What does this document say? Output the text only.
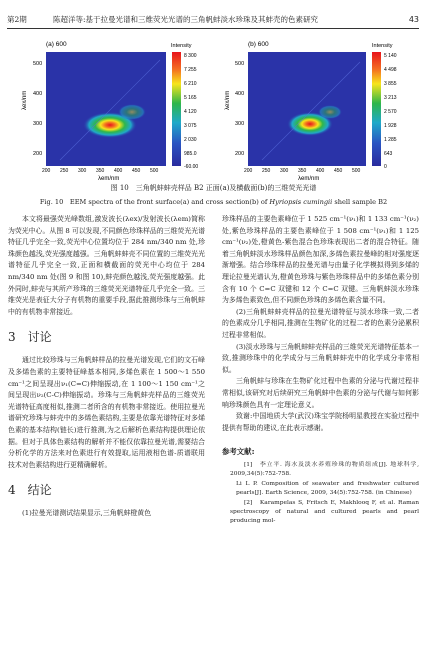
第2期	陈超洋等:基于拉曼光谱和三维荧光光谱的三角帆蚌淡水珍珠及其蚌壳的色素研究	43
(a) 600
λex/nm
500
400
300
200
200 250 300 350 400 450 500
λem/nm
Intensity
8 300
7 255
6 210
5 165
4 120
3 075
2 030
985.0
-60.00
(b) 600
λex/nm
500
400
300
200
200 250 300 350 400 450 500
λem/nm
Intensity
5 140
4 498
3 855
3 213
2 570
1 928
1 285
643
0
图 10　三角帆蚌蚌壳样品 B2 正面(a)及横截面(b)的三维荧光光谱
Fig. 10　EEM spectra of the front surface(a) and cross section(b) of Hyriopsis cumingii shell sample B2

本文将最强荧光峰数组,激发波长(λex)/发射波长(λem)简称为荧光中心。从图 8 可以发现,不同颜色珍珠样品的三维荧光光谱特征几乎完全一致,荧光中心位置均位于 284 nm/340 nm 处,珍珠颜色越浅,荧光强度越强。三角帆蚌蚌壳不同位置的三维荧光光谱特征几乎完全一致,正面和横截面的荧光中心均位于 284 nm/340 nm 处(图 9 和图 10),蚌壳颜色越浅,荧光强度越强。此外同时,蚌壳与其所产珍珠的三维荧光光谱特征几乎完全一致。三维荧光是表征大分子有机物的重要手段,据此推测珍珠与三角帆蚌中的有机物非常接近。

3 讨论

通过比较珍珠与三角帆蚌样品的拉曼光谱发现,它们的文石峰及多烯色素的主要特征峰基本相同,多烯色素在 1 500～1 550 cm⁻¹之间呈现出ν₁(C=C)伸缩振动,在 1 100～1 150 cm⁻¹之间呈现出ν₂(C-C)伸缩振动。珍珠与三角帆蚌壳样品的三维荧光光谱特征高度相似,推测二者所含的有机物非常接近。使用拉曼光谱研究珍珠与蚌壳中的多烯色素结构,主要是依靠光谱特征对多烯色素的基本结构(链长)进行推测,为之后解析色素结构提供理论依据。但对于具体色素结构的解析并不能仅依靠拉曼光谱,需要结合分析化学的方法来对色素进行有效提取,运用液相色谱-质谱联用技术对色素结构进行更精确解析。

4 结论

(1)拉曼光谱测试结果显示,三角帆蚌橙黄色

珍珠样品的主要色素峰位于 1 525 cm⁻¹(ν₁)和 1 133 cm⁻¹(ν₂)处,紫色珍珠样品的主要色素峰位于 1 508 cm⁻¹(ν₁)和 1 125 cm⁻¹(ν₂)处,橙黄色-紫色混合色珍珠表现出二者的混合特征。随着三角帆蚌淡水珍珠样品颜色加深,多烯色素拉曼峰的相对强度逐渐增强。结合珍珠样品的拉曼光谱与由量子化学模拟得到多烯的理论拉曼光谱认为,橙黄色珍珠与紫色珍珠样品中的多烯色素分别含有 10 个 C=C 双键和 12 个 C=C 双键。三角帆蚌淡水珍珠为多烯色素致色,但不同颜色珍珠的多烯色素含量不同。

(2)三角帆蚌蚌壳样品的拉曼光谱特征与淡水珍珠一致,二者的色素成分几乎相同,推测在生物矿化的过程二者的色素分泌累积过程非常相似。

(3)淡水珍珠与三角帆蚌蚌壳样品的三维荧光光谱特征基本一致,推测珍珠中的化学成分与三角帆蚌蚌壳中的化学成分非常相似。

三角帆蚌与珍珠在生物矿化过程中色素的分泌与代谢过程非常相似,该研究对后续研究三角帆蚌中色素的分泌与代谢与如何影响珍珠颜色具有一定理论意义。

致谢:中国地质大学(武汉)珠宝学院杨明星教授在实验过程中提供有帮助的建议,在此表示感谢。

参考文献:

[1]　李立平. 海水及淡水养殖珍珠的物质组成[J]. 地球科学, 2009,34(5):752-758.

Li L P. Composition of seawater and freshwater cultured pearls[J]. Earth Science, 2009, 34(5):752-758. (in Chinese)

[2]　Karampelas S, Fritsch E, Makhlooq F, et al. Raman spectroscopy of natural and cultured pearls and pearl producing mol-
